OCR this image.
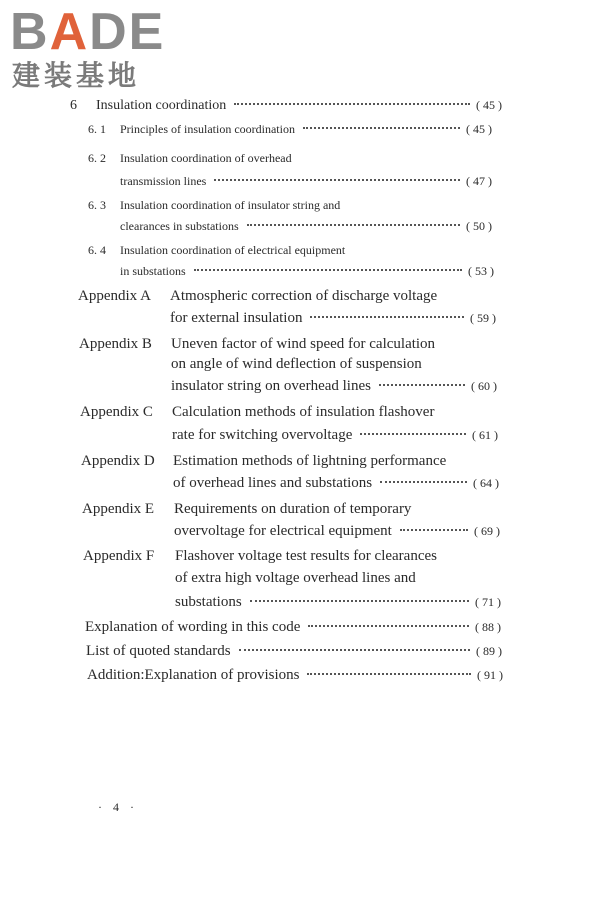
BADE
建装基地
6	Insulation coordination	( 45 )
6. 1	Principles of insulation coordination	( 45 )
6. 2	Insulation coordination of overhead
transmission lines	( 47 )
6. 3	Insulation coordination of insulator string and
clearances in substations	( 50 )
6. 4	Insulation coordination of electrical equipment
in substations	( 53 )
Appendix A	Atmospheric correction of discharge voltage
for external insulation	( 59 )
Appendix B	Uneven factor of wind speed for calculation
on angle of wind deflection of suspension
insulator string on overhead lines	( 60 )
Appendix C	Calculation methods of insulation flashover
rate for switching overvoltage	( 61 )
Appendix D	Estimation methods of lightning performance
of overhead lines and substations	( 64 )
Appendix E	Requirements on duration of temporary
overvoltage for electrical equipment	( 69 )
Appendix F	Flashover voltage test results for clearances
of extra high voltage overhead lines and
substations	( 71 )
Explanation of wording in this code	( 88 )
List of quoted standards	( 89 )
Addition:Explanation of provisions	( 91 )
· 4 ·
